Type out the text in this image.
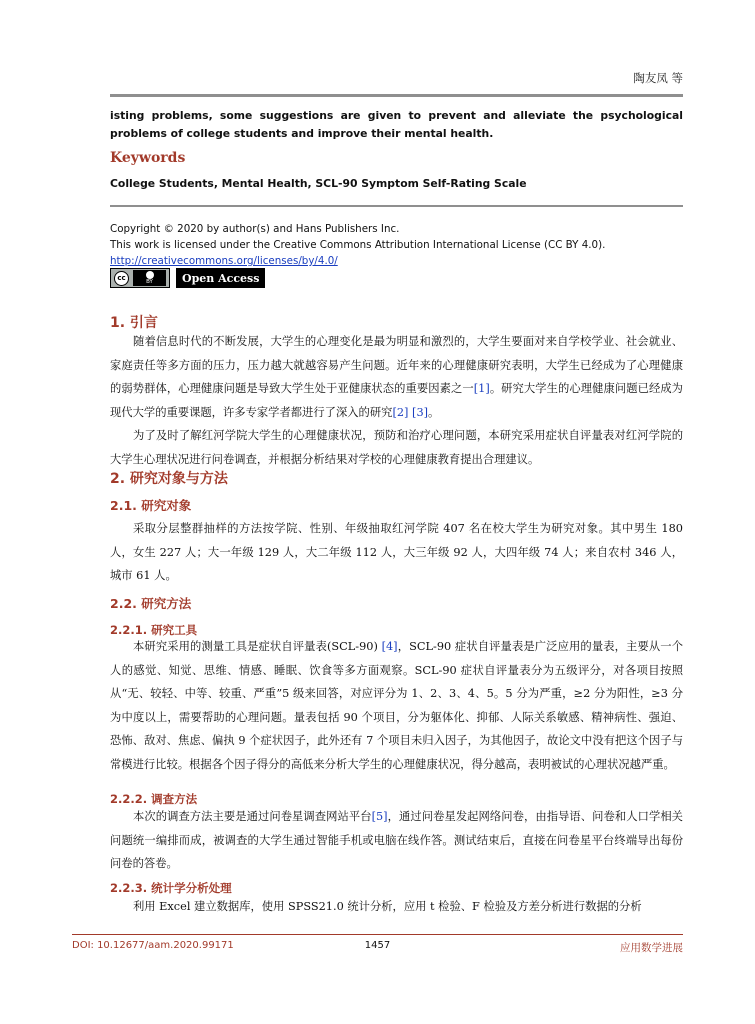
陶友凤 等
isting problems, some suggestions are given to prevent and alleviate the psychological problems of college students and improve their mental health.
Keywords
College Students, Mental Health, SCL-90 Symptom Self-Rating Scale
Copyright © 2020 by author(s) and Hans Publishers Inc.
This work is licensed under the Creative Commons Attribution International License (CC BY 4.0).
http://creativecommons.org/licenses/by/4.0/
cc	BY	Open Access
1. 引言
随着信息时代的不断发展，大学生的心理变化是最为明显和激烈的，大学生要面对来自学校学业、社会就业、家庭责任等多方面的压力，压力越大就越容易产生问题。近年来的心理健康研究表明，大学生已经成为了心理健康的弱势群体，心理健康问题是导致大学生处于亚健康状态的重要因素之一[1]。研究大学生的心理健康问题已经成为现代大学的重要课题，许多专家学者都进行了深入的研究[2] [3]。
为了及时了解红河学院大学生的心理健康状况，预防和治疗心理问题，本研究采用症状自评量表对红河学院的大学生心理状况进行问卷调查，并根据分析结果对学校的心理健康教育提出合理建议。
2. 研究对象与方法
2.1. 研究对象
采取分层整群抽样的方法按学院、性别、年级抽取红河学院 407 名在校大学生为研究对象。其中男生 180 人，女生 227 人；大一年级 129 人，大二年级 112 人，大三年级 92 人，大四年级 74 人；来自农村 346 人，城市 61 人。
2.2. 研究方法
2.2.1. 研究工具
本研究采用的测量工具是症状自评量表(SCL-90) [4]，SCL-90 症状自评量表是广泛应用的量表，主要从一个人的感觉、知觉、思维、情感、睡眠、饮食等多方面观察。SCL-90 症状自评量表分为五级评分，对各项目按照从“无、较轻、中等、较重、严重”5 级来回答，对应评分为 1、2、3、4、5。5 分为严重，≥2 分为阳性，≥3 分为中度以上，需要帮助的心理问题。量表包括 90 个项目，分为躯体化、抑郁、人际关系敏感、精神病性、强迫、恐怖、敌对、焦虑、偏执 9 个症状因子，此外还有 7 个项目未归入因子，为其他因子，故论文中没有把这个因子与常模进行比较。根据各个因子得分的高低来分析大学生的心理健康状况，得分越高，表明被试的心理状况越严重。
2.2.2. 调查方法
本次的调查方法主要是通过问卷星调查网站平台[5]，通过问卷星发起网络问卷，由指导语、问卷和人口学相关问题统一编排而成，被调查的大学生通过智能手机或电脑在线作答。测试结束后，直接在问卷星平台终端导出每份问卷的答卷。
2.2.3. 统计学分析处理
利用 Excel 建立数据库，使用 SPSS21.0 统计分析，应用 t 检验、F 检验及方差分析进行数据的分析
DOI: 10.12677/aam.2020.99171	1457	应用数学进展
